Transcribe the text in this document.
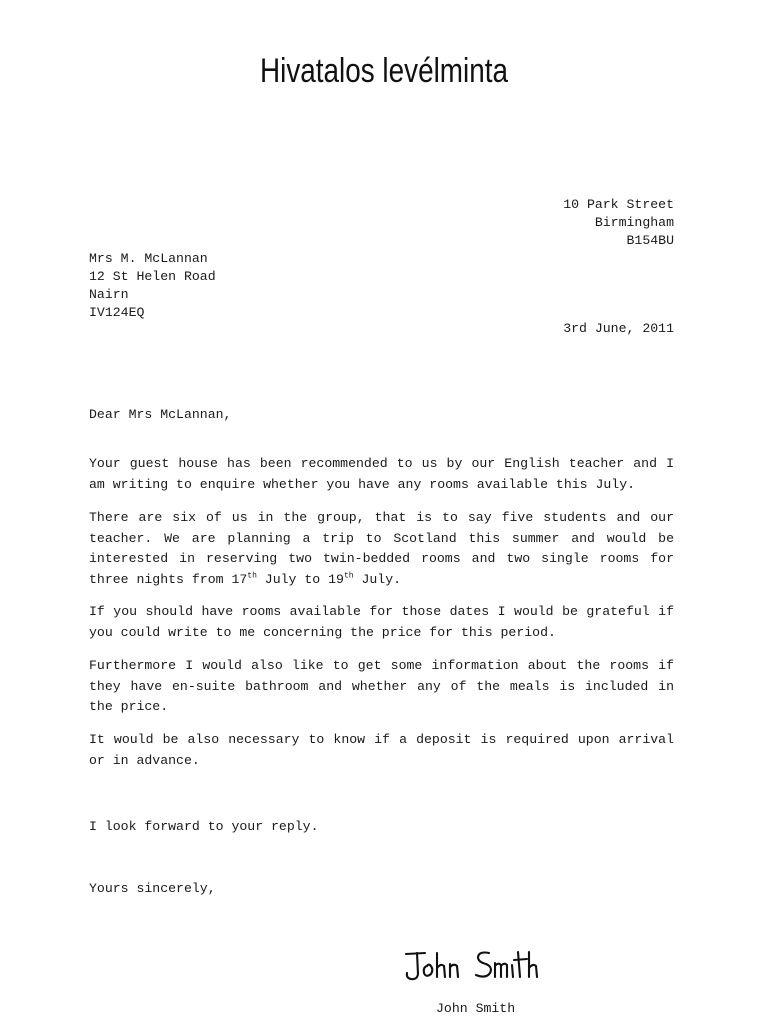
Hivatalos levélminta
10 Park Street
Birmingham
B154BU
Mrs M. McLannan
12 St Helen Road
Nairn
IV124EQ
3rd June, 2011
Dear Mrs McLannan,
Your guest house has been recommended to us by our English teacher and I am writing to enquire whether you have any rooms available this July.
There are six of us in the group, that is to say five students and our teacher. We are planning a trip to Scotland this summer and would be interested in reserving two twin-bedded rooms and two single rooms for three nights from 17th July to 19th July.
If you should have rooms available for those dates I would be grateful if you could write to me concerning the price for this period.
Furthermore I would also like to get some information about the rooms if they have en-suite bathroom and whether any of the meals is included in the price.
It would be also necessary to know if a deposit is required upon arrival or in advance.
I look forward to your reply.
Yours sincerely,
John Smith
